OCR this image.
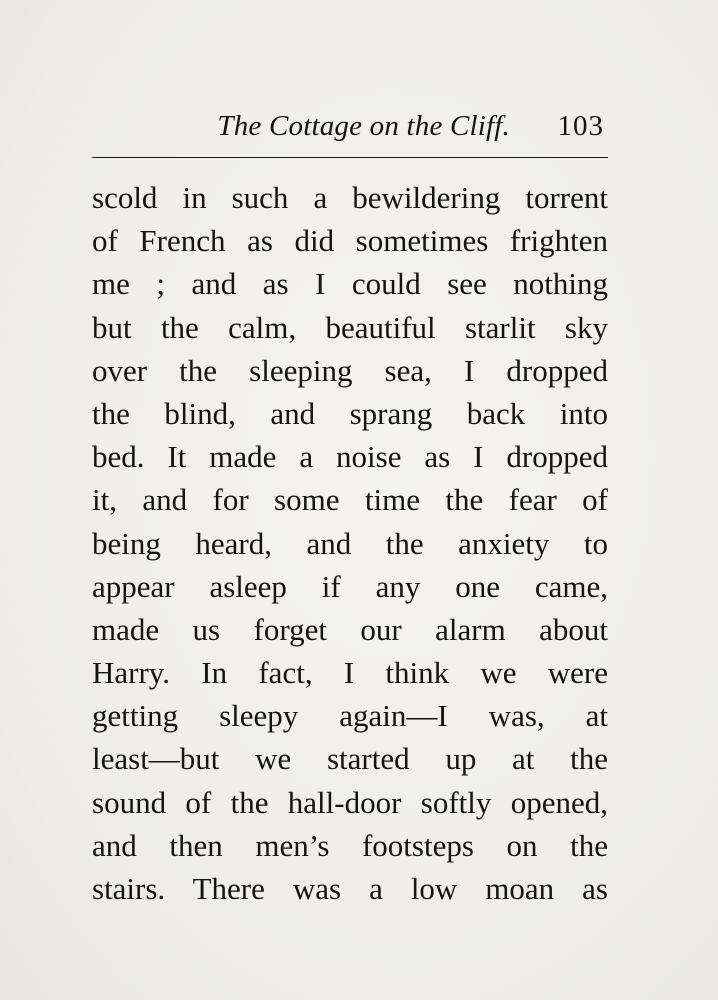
The Cottage on the Cliff. 103
scold in such a bewildering torrent
of French as did sometimes frighten
me ; and as I could see nothing
but the calm, beautiful starlit sky
over the sleeping sea, I dropped
the blind, and sprang back into
bed. It made a noise as I dropped
it, and for some time the fear of
being heard, and the anxiety to
appear asleep if any one came,
made us forget our alarm about
Harry. In fact, I think we were
getting sleepy again—I was, at
least—but we started up at the
sound of the hall-door softly opened,
and then men’s footsteps on the
stairs. There was a low moan as
